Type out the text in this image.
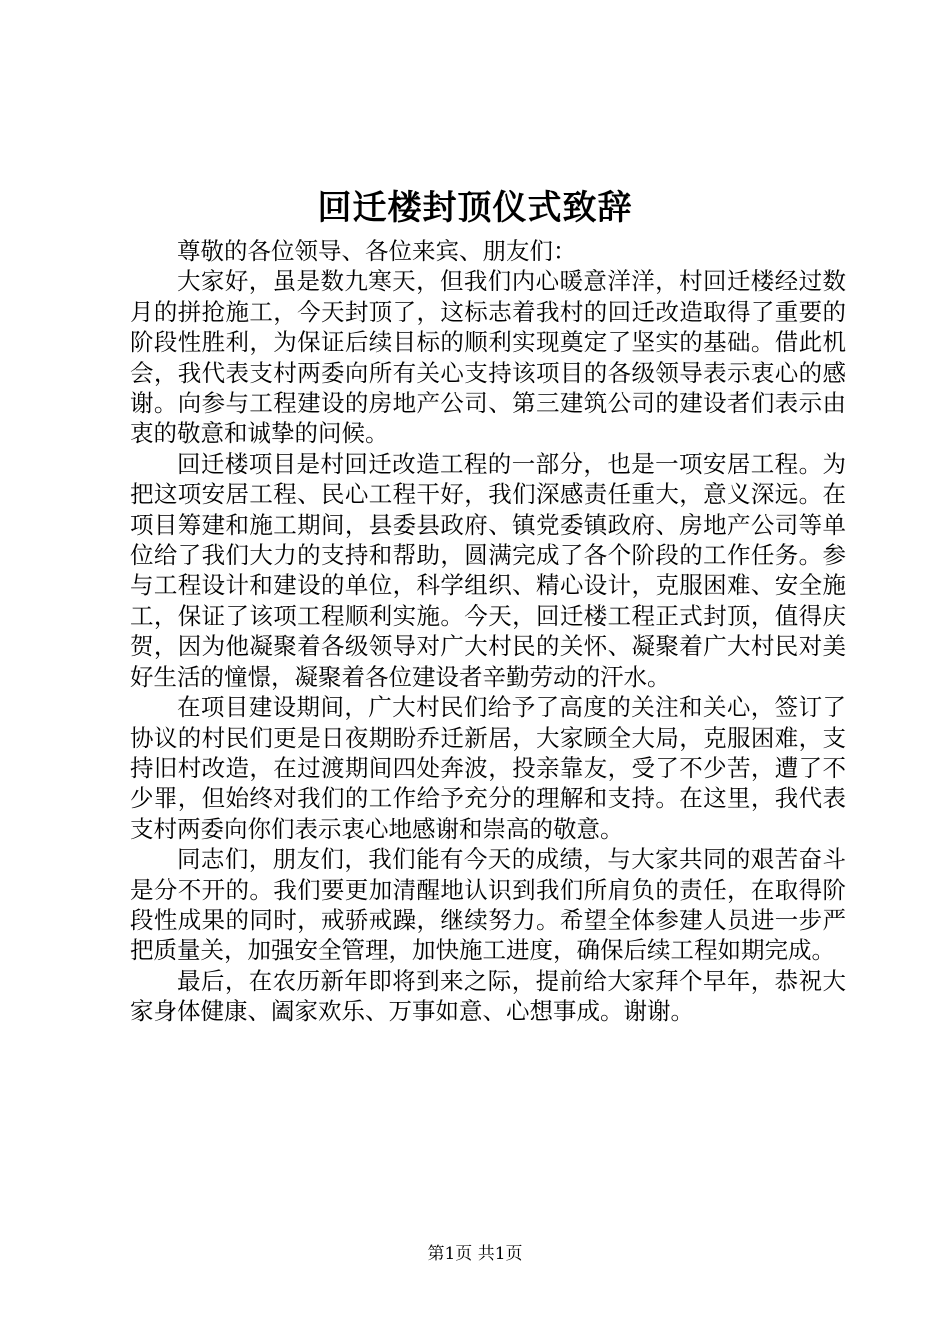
回迁楼封顶仪式致辞

尊敬的各位领导、各位来宾、朋友们：

大家好，虽是数九寒天，但我们内心暖意洋洋，村回迁楼经过数月的拼抢施工，今天封顶了，这标志着我村的回迁改造取得了重要的阶段性胜利，为保证后续目标的顺利实现奠定了坚实的基础。借此机会，我代表支村两委向所有关心支持该项目的各级领导表示衷心的感谢。向参与工程建设的房地产公司、第三建筑公司的建设者们表示由衷的敬意和诚挚的问候。

回迁楼项目是村回迁改造工程的一部分，也是一项安居工程。为把这项安居工程、民心工程干好，我们深感责任重大，意义深远。在项目筹建和施工期间，县委县政府、镇党委镇政府、房地产公司等单位给了我们大力的支持和帮助，圆满完成了各个阶段的工作任务。参与工程设计和建设的单位，科学组织、精心设计，克服困难、安全施工，保证了该项工程顺利实施。今天，回迁楼工程正式封顶，值得庆贺，因为他凝聚着各级领导对广大村民的关怀、凝聚着广大村民对美好生活的憧憬，凝聚着各位建设者辛勤劳动的汗水。

在项目建设期间，广大村民们给予了高度的关注和关心，签订了协议的村民们更是日夜期盼乔迁新居，大家顾全大局，克服困难，支持旧村改造，在过渡期间四处奔波，投亲靠友，受了不少苦，遭了不少罪，但始终对我们的工作给予充分的理解和支持。在这里，我代表支村两委向你们表示衷心地感谢和崇高的敬意。

同志们，朋友们，我们能有今天的成绩，与大家共同的艰苦奋斗是分不开的。我们要更加清醒地认识到我们所肩负的责任，在取得阶段性成果的同时，戒骄戒躁，继续努力。希望全体参建人员进一步严把质量关，加强安全管理，加快施工进度，确保后续工程如期完成。

最后，在农历新年即将到来之际，提前给大家拜个早年，恭祝大家身体健康、阖家欢乐、万事如意、心想事成。谢谢。

第1页 共1页
